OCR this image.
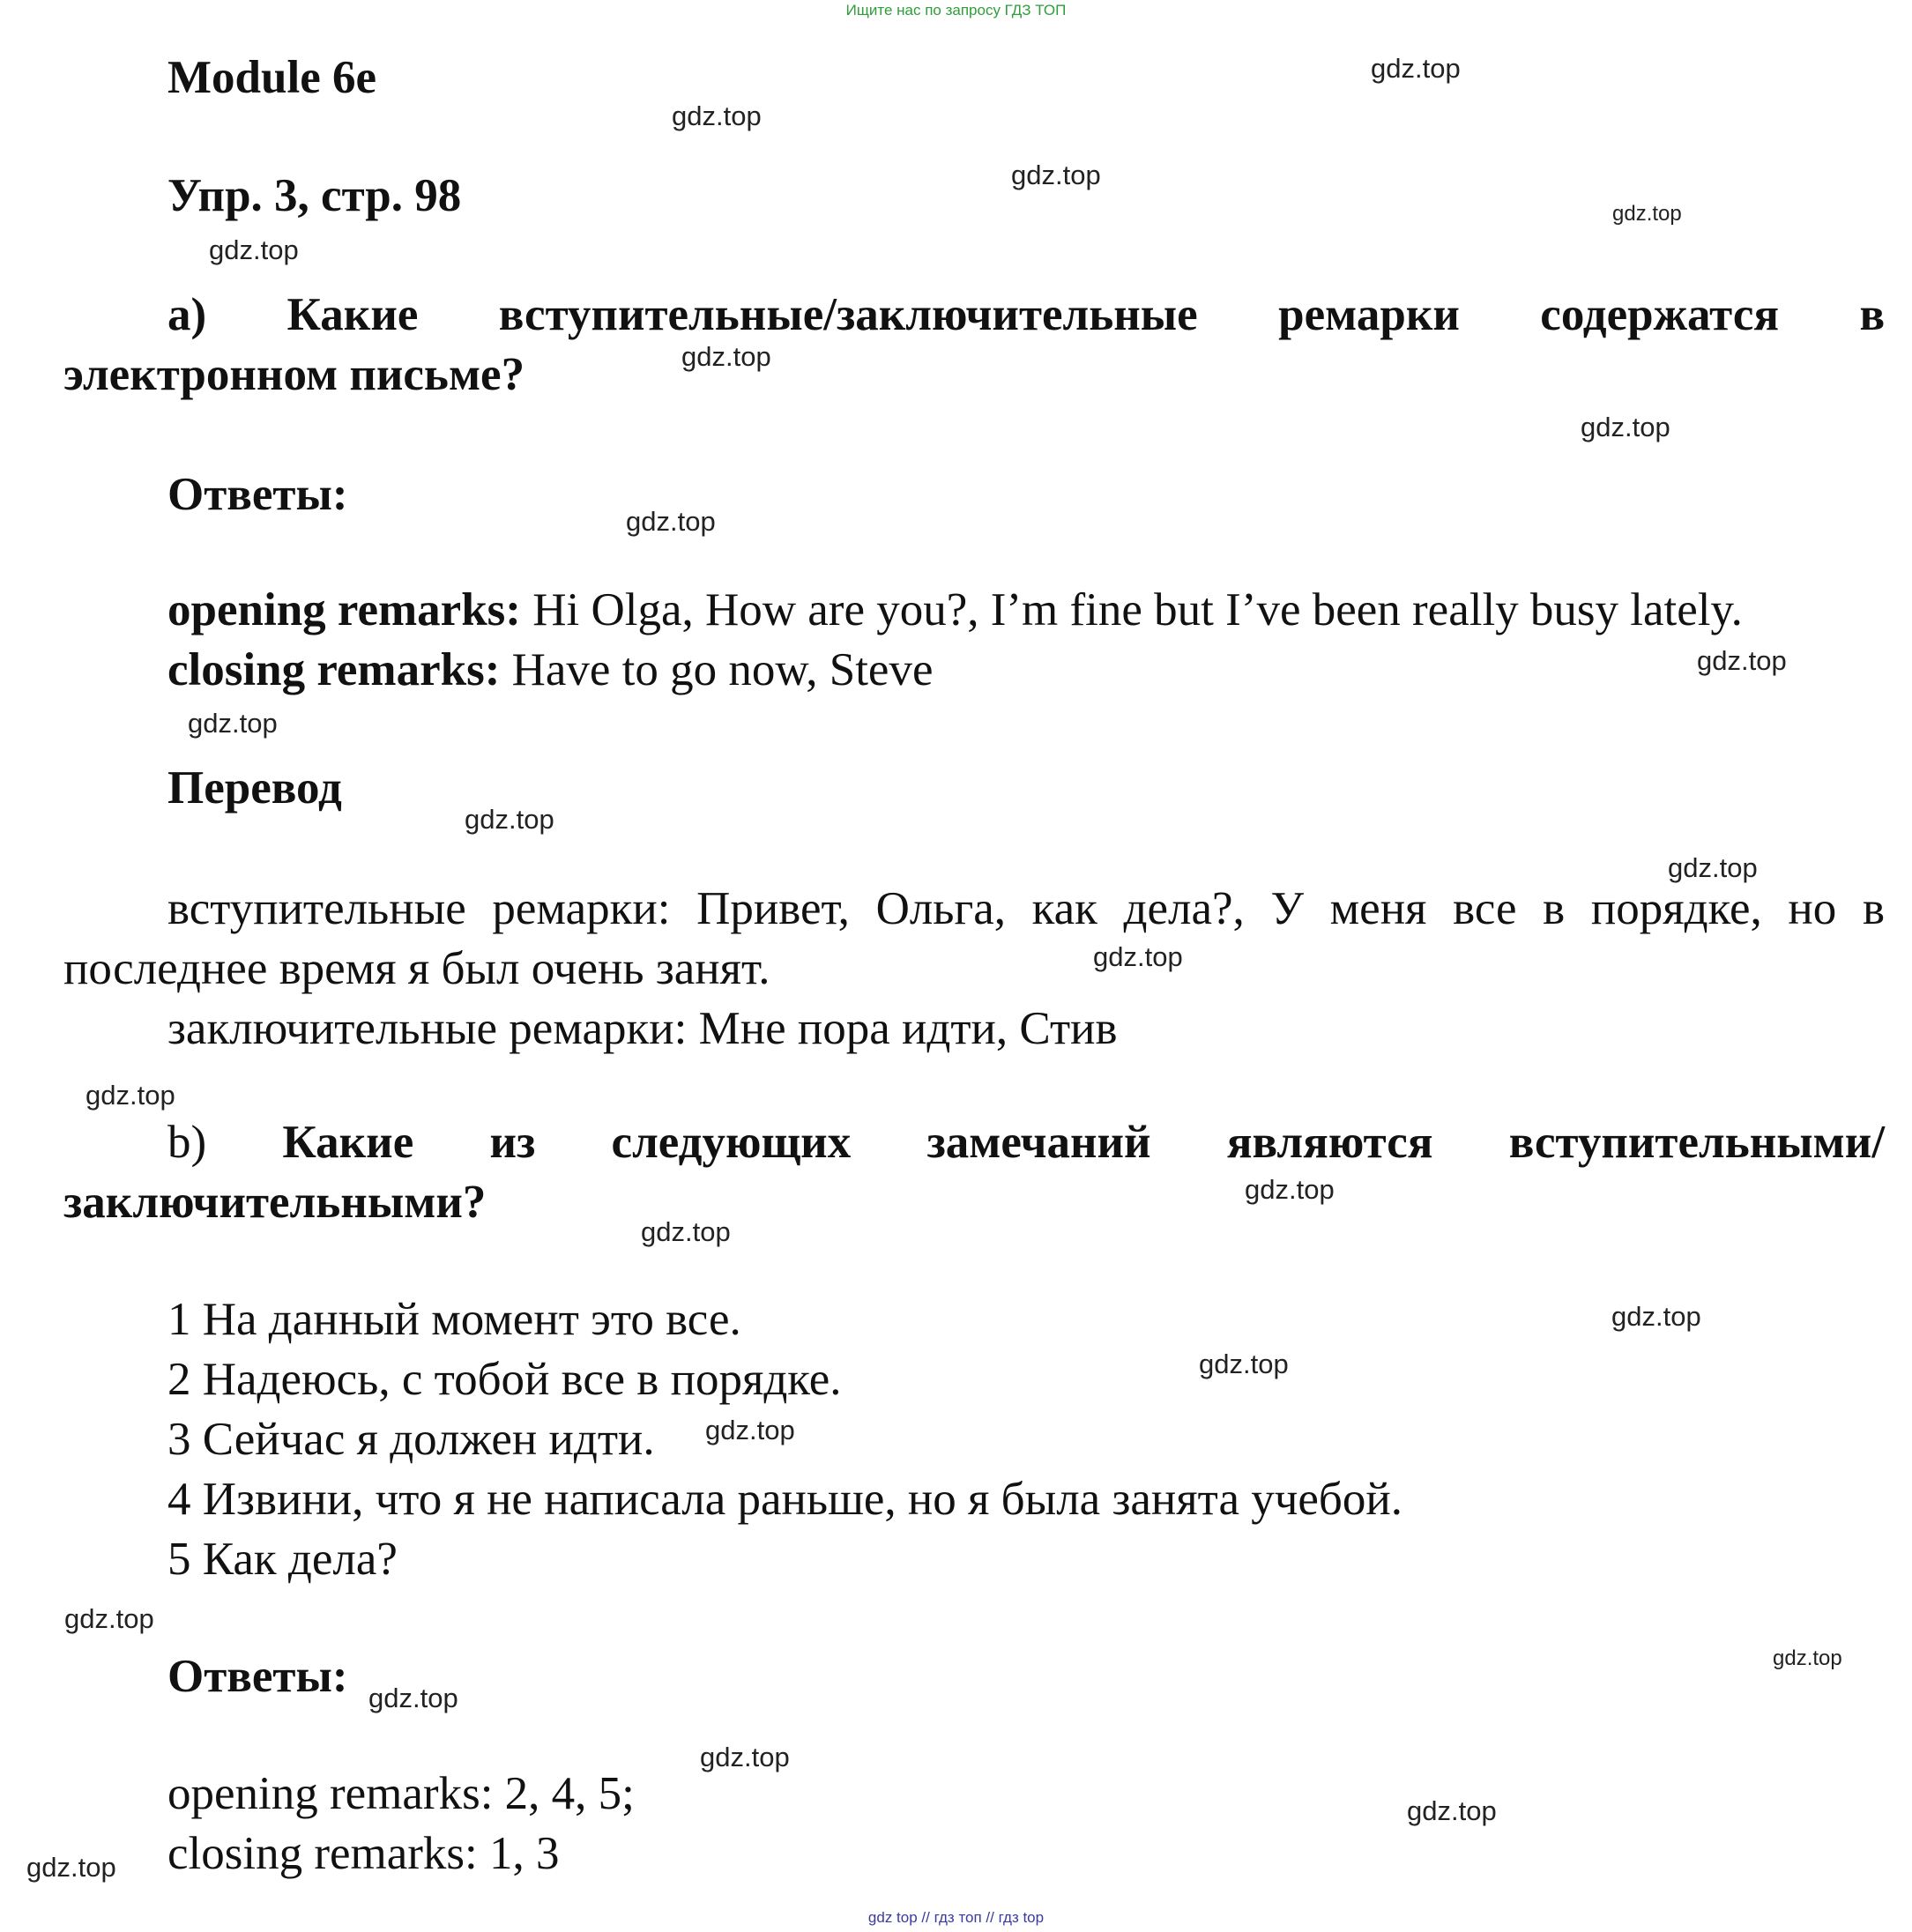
Ищите нас по запросу ГДЗ ТОП
gdz top // гдз топ // гдз top
Module 6e
Упр. 3, стр. 98
a) Какие вступительные/заключительные ремарки содержатся в
электронном письме?
Ответы:
opening remarks: Hi Olga, How are you?, I’m fine but I’ve been really busy lately.
closing remarks: Have to go now, Steve
Перевод
вступительные ремарки: Привет, Ольга, как дела?, У меня все в порядке, но в
последнее время я был очень занят.
заключительные ремарки: Мне пора идти, Стив
b) Какие из следующих замечаний являются вступительными/
заключительными?
1 На данный момент это все.
2 Надеюсь, с тобой все в порядке.
3 Сейчас я должен идти.
4 Извини, что я не написала раньше, но я была занята учебой.
5 Как дела?
Ответы:
opening remarks: 2, 4, 5;
closing remarks: 1, 3
gdz.top
gdz.top
gdz.top
gdz.top
gdz.top
gdz.top
gdz.top
gdz.top
gdz.top
gdz.top
gdz.top
gdz.top
gdz.top
gdz.top
gdz.top
gdz.top
gdz.top
gdz.top
gdz.top
gdz.top
gdz.top
gdz.top
gdz.top
gdz.top
gdz.top
